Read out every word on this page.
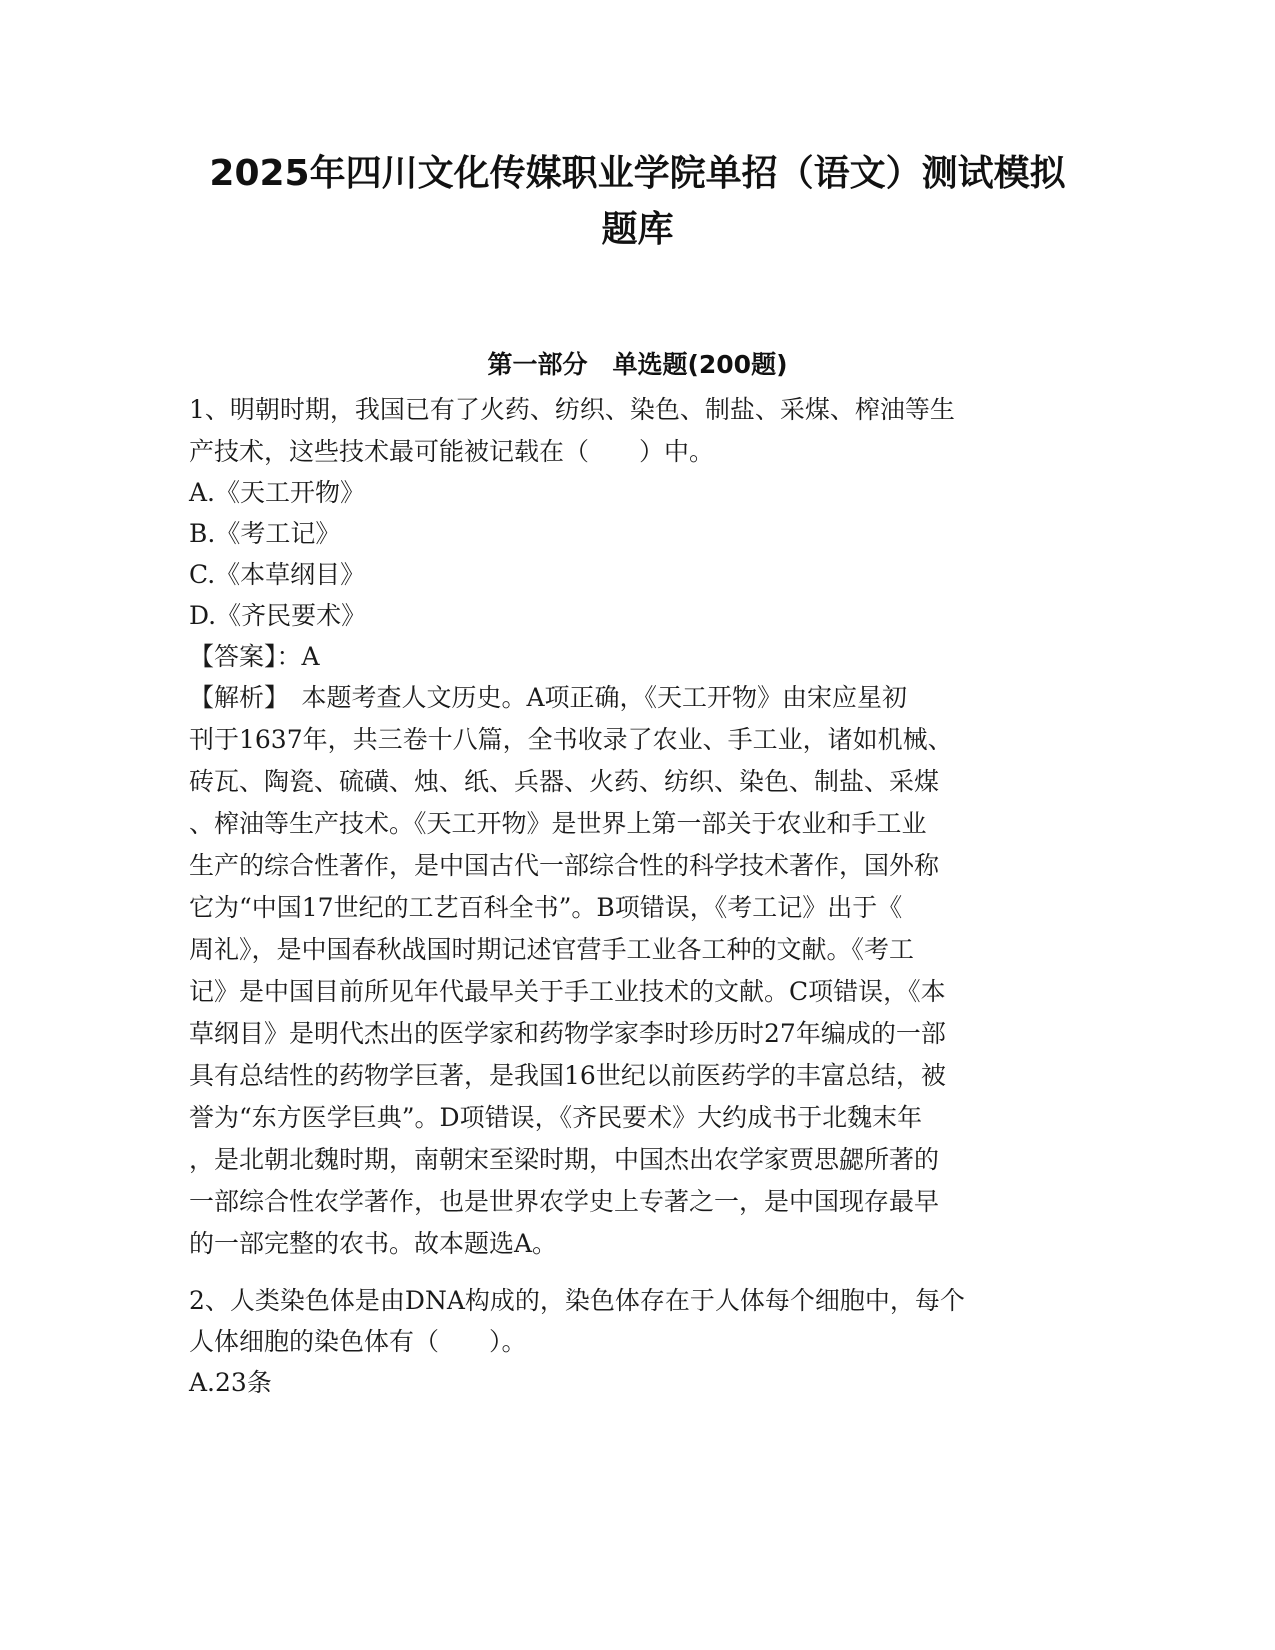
2025年四川文化传媒职业学院单招（语文）测试模拟
题库
第一部分　单选题(200题)
1、明朝时期，我国已有了火药、纺织、染色、制盐、采煤、榨油等生
产技术，这些技术最可能被记载在（　　）中。
A.《天工开物》
B.《考工记》
C.《本草纲目》
D.《齐民要术》
【答案】：A
【解析】　本题考查人文历史。A项正确，《天工开物》由宋应星初
刊于1637年，共三卷十八篇，全书收录了农业、手工业，诸如机械、
砖瓦、陶瓷、硫磺、烛、纸、兵器、火药、纺织、染色、制盐、采煤
、榨油等生产技术。《天工开物》是世界上第一部关于农业和手工业
生产的综合性著作，是中国古代一部综合性的科学技术著作，国外称
它为“中国17世纪的工艺百科全书”。B项错误，《考工记》出于《
周礼》，是中国春秋战国时期记述官营手工业各工种的文献。《考工
记》是中国目前所见年代最早关于手工业技术的文献。C项错误，《本
草纲目》是明代杰出的医学家和药物学家李时珍历时27年编成的一部
具有总结性的药物学巨著，是我国16世纪以前医药学的丰富总结，被
誉为“东方医学巨典”。D项错误，《齐民要术》大约成书于北魏末年
，是北朝北魏时期，南朝宋至梁时期，中国杰出农学家贾思勰所著的
一部综合性农学著作，也是世界农学史上专著之一，是中国现存最早
的一部完整的农书。故本题选A。
2、人类染色体是由DNA构成的，染色体存在于人体每个细胞中，每个
人体细胞的染色体有（　　）。
A.23条
